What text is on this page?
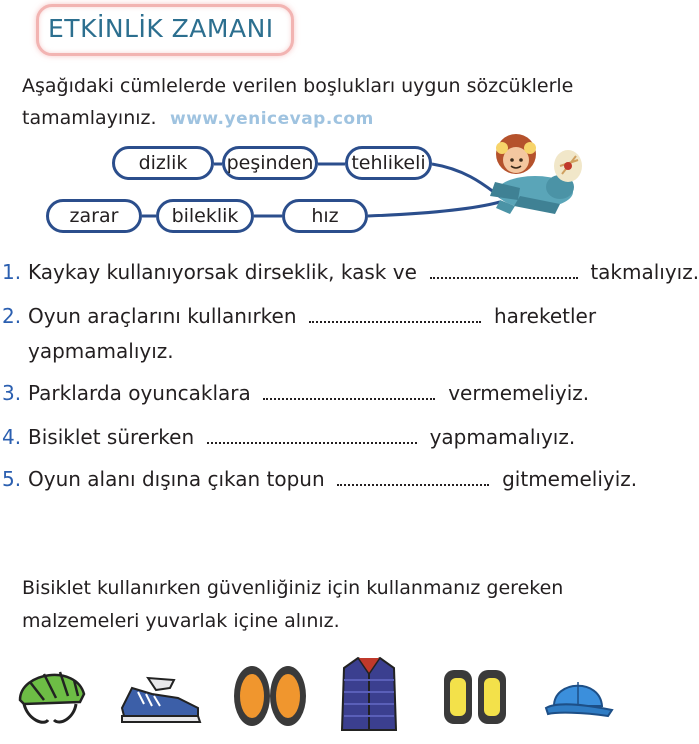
ETKİNLİK ZAMANI
Aşağıdaki cümlelerde verilen boşlukları uygun sözcüklerle
tamamlayınız. www.yenicevap.com
dizlik	peşinden	tehlikeli
zarar	bileklik	hız
1. Kaykay kullanıyorsak dirseklik, kask ve	takmalıyız.
2. Oyun araçlarını kullanırken	hareketler
yapmamalıyız.
3. Parklarda oyuncaklara	vermemeliyiz.
4. Bisiklet sürerken	yapmamalıyız.
5. Oyun alanı dışına çıkan topun	gitmemeliyiz.
Bisiklet kullanırken güvenliğiniz için kullanmanız gereken
malzemeleri yuvarlak içine alınız.
